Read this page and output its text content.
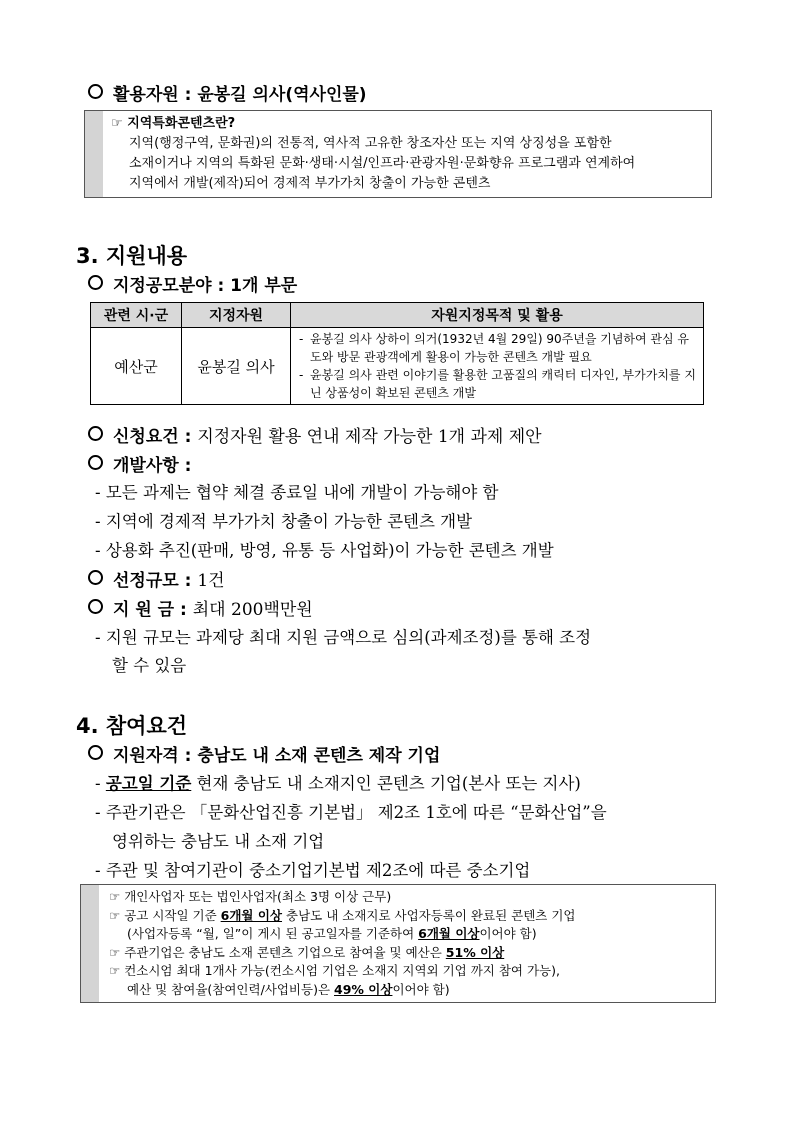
활용자원 : 윤봉길 의사(역사인물)
☞ 지역특화콘텐츠란?
지역(행정구역, 문화권)의 전통적, 역사적 고유한 창조자산 또는 지역 상징성을 포함한
소재이거나 지역의 특화된 문화·생태·시설/인프라·관광자원·문화향유 프로그램과 연계하여
지역에서 개발(제작)되어 경제적 부가가치 창출이 가능한 콘텐츠
3. 지원내용
지정공모분야 : 1개 부문
관련 시·군	지정자원	자원지정목적 및 활용
예산군	윤봉길 의사	- 윤봉길 의사 상하이 의거(1932년 4월 29일) 90주년을 기념하여 관심 유도와 방문 관광객에게 활용이 가능한 콘텐츠 개발 필요
- 윤봉길 의사 관련 이야기를 활용한 고품질의 캐릭터 디자인, 부가가치를 지닌 상품성이 확보된 콘텐츠 개발
신청요건 : 지정자원 활용 연내 제작 가능한 1개 과제 제안
개발사항 :
- 모든 과제는 협약 체결 종료일 내에 개발이 가능해야 함
- 지역에 경제적 부가가치 창출이 가능한 콘텐츠 개발
- 상용화 추진(판매, 방영, 유통 등 사업화)이 가능한 콘텐츠 개발
선정규모 : 1건
지 원 금 : 최대 200백만원
- 지원 규모는 과제당 최대 지원 금액으로 심의(과제조정)를 통해 조정
할 수 있음
4. 참여요건
지원자격 : 충남도 내 소재 콘텐츠 제작 기업
- 공고일 기준 현재 충남도 내 소재지인 콘텐츠 기업(본사 또는 지사)
- 주관기관은 「문화산업진흥 기본법」 제2조 1호에 따른 “문화산업”을
영위하는 충남도 내 소재 기업
- 주관 및 참여기관이 중소기업기본법 제2조에 따른 중소기업
☞ 개인사업자 또는 법인사업자(최소 3명 이상 근무)
☞ 공고 시작일 기준 6개월 이상 충남도 내 소재지로 사업자등록이 완료된 콘텐츠 기업
(사업자등록 “월, 일”이 게시 된 공고일자를 기준하여 6개월 이상이어야 함)
☞ 주관기업은 충남도 소재 콘텐츠 기업으로 참여율 및 예산은 51% 이상
☞ 컨소시엄 최대 1개사 가능(컨소시엄 기업은 소재지 지역외 기업 까지 참여 가능),
예산 및 참여율(참여인력/사업비등)은 49% 이상이어야 함)
